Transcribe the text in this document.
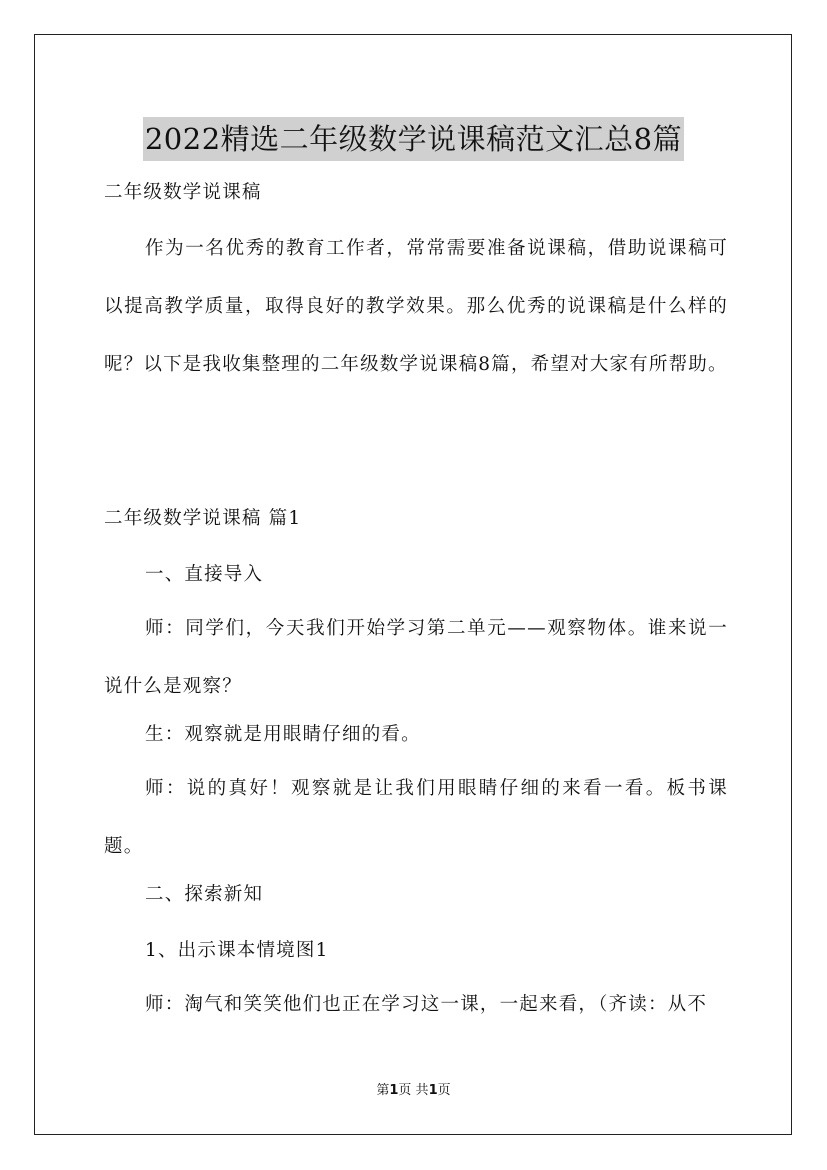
2022精选二年级数学说课稿范文汇总8篇

二年级数学说课稿

作为一名优秀的教育工作者，常常需要准备说课稿，借助说课稿可以提高教学质量，取得良好的教学效果。那么优秀的说课稿是什么样的呢？以下是我收集整理的二年级数学说课稿8篇，希望对大家有所帮助。

二年级数学说课稿 篇1

一、直接导入

师：同学们，今天我们开始学习第二单元——观察物体。谁来说一说什么是观察？

生：观察就是用眼睛仔细的看。

师：说的真好！观察就是让我们用眼睛仔细的来看一看。板书课题。

二、探索新知

1、出示课本情境图1

师：淘气和笑笑他们也正在学习这一课，一起来看，（齐读：从不

第1页 共1页
